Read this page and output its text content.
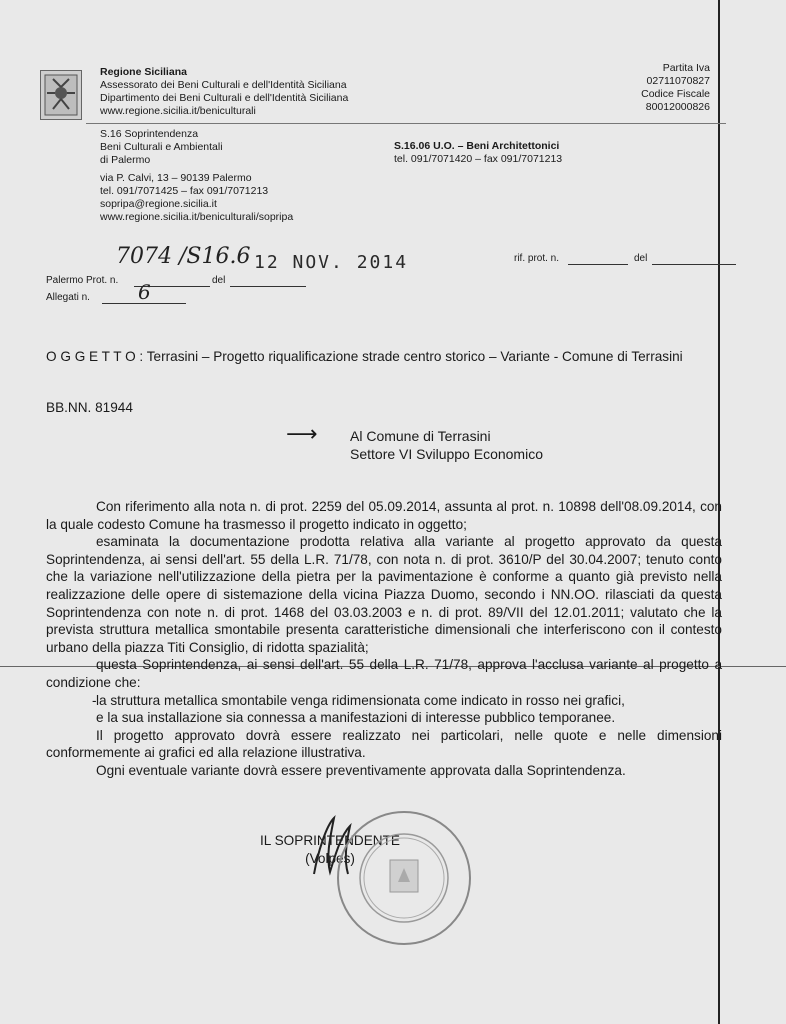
Regione Siciliana
Assessorato dei Beni Culturali e dell'Identità Siciliana
Dipartimento dei Beni Culturali e dell'Identità Siciliana
www.regione.sicilia.it/beniculturali
Partita Iva
02711070827
Codice Fiscale
80012000826
S.16 Soprintendenza
Beni Culturali e Ambientali
di Palermo
via P. Calvi, 13 – 90139 Palermo
tel. 091/7071425 – fax 091/7071213
sopripa@regione.sicilia.it
www.regione.sicilia.it/beniculturali/sopripa
S.16.06 U.O. – Beni Architettonici
tel. 091/7071420 – fax 091/7071213
7074 /S16.6 12 NOV. 2014	rif. prot. n.	del
Palermo Prot. n.	del
Allegati n. 6
O G G E T T O : Terrasini – Progetto riqualificazione strade centro storico – Variante - Comune di Terrasini
BB.NN. 81944
⟶ Al Comune di Terrasini
Settore VI Sviluppo Economico
Con riferimento alla nota n. di prot. 2259 del 05.09.2014, assunta al prot. n. 10898 dell'08.09.2014, con la quale codesto Comune ha trasmesso il progetto indicato in oggetto;
esaminata la documentazione prodotta relativa alla variante al progetto approvato da questa Soprintendenza, ai sensi dell'art. 55 della L.R. 71/78, con nota n. di prot. 3610/P del 30.04.2007; tenuto conto che la variazione nell'utilizzazione della pietra per la pavimentazione è conforme a quanto già previsto nella realizzazione delle opere di sistemazione della vicina Piazza Duomo, secondo i NN.OO. rilasciati da questa Soprintendenza con note n. di prot. 1468 del 03.03.2003 e n. di prot. 89/VII del 12.01.2011; valutato che la prevista struttura metallica smontabile presenta caratteristiche dimensionali che interferiscono con il contesto urbano della piazza Titi Consiglio, di ridotta spazialità;
questa Soprintendenza, ai sensi dell'art. 55 della L.R. 71/78, approva l'acclusa variante al progetto a condizione che:
- la struttura metallica smontabile venga ridimensionata come indicato in rosso nei grafici,
e la sua installazione sia connessa a manifestazioni di interesse pubblico temporanee.
Il progetto approvato dovrà essere realizzato nei particolari, nelle quote e nelle dimensioni conformemente ai grafici ed alla relazione illustrativa.
Ogni eventuale variante dovrà essere preventivamente approvata dalla Soprintendenza.
IL SOPRINTENDENTE
(Volpes)
